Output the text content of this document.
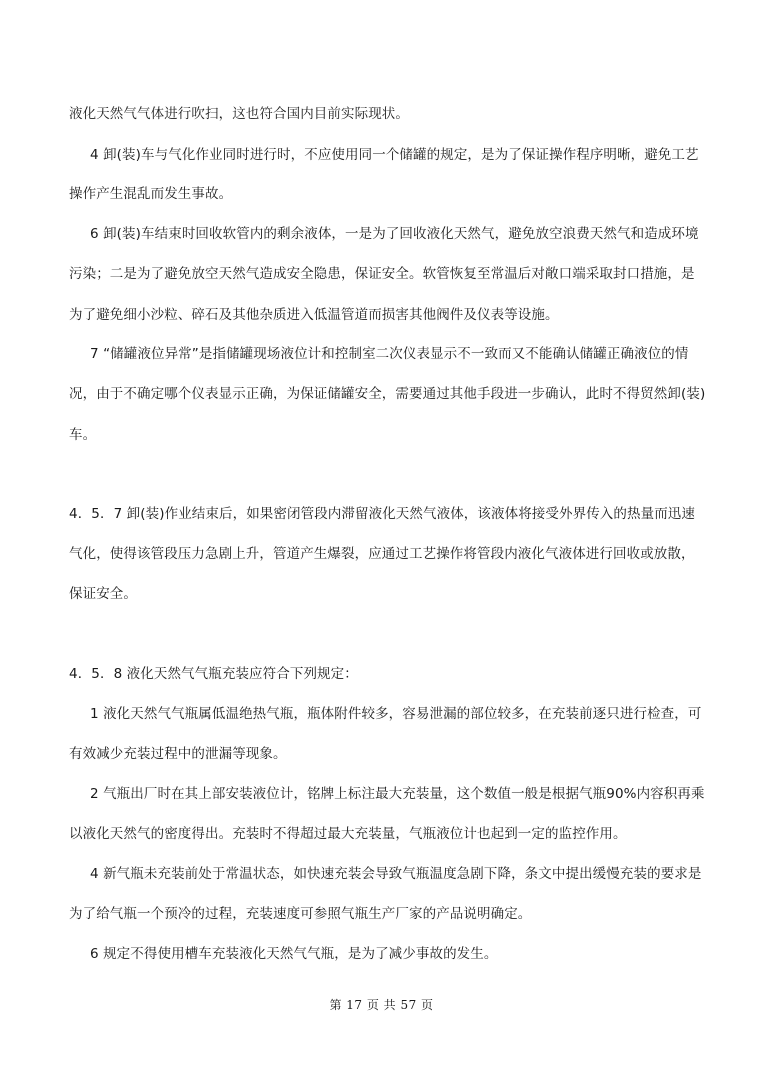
液化天然气气体进行吹扫，这也符合国内目前实际现状。
4 卸(装)车与气化作业同时进行时，不应使用同一个储罐的规定，是为了保证操作程序明晰，避免工艺
操作产生混乱而发生事故。
6 卸(装)车结束时回收软管内的剩余液体，一是为了回收液化天然气，避免放空浪费天然气和造成环境
污染；二是为了避免放空天然气造成安全隐患，保证安全。软管恢复至常温后对敞口端采取封口措施，是
为了避免细小沙粒、碎石及其他杂质进入低温管道而损害其他阀件及仪表等设施。
7 “储罐液位异常”是指储罐现场液位计和控制室二次仪表显示不一致而又不能确认储罐正确液位的情
况，由于不确定哪个仪表显示正确，为保证储罐安全，需要通过其他手段进一步确认，此时不得贸然卸(装)
车。
4．5．7 卸(装)作业结束后，如果密闭管段内滞留液化天然气液体，该液体将接受外界传入的热量而迅速
气化，使得该管段压力急剧上升，管道产生爆裂，应通过工艺操作将管段内液化气液体进行回收或放散，
保证安全。
4．5．8 液化天然气气瓶充装应符合下列规定：
1 液化天然气气瓶属低温绝热气瓶，瓶体附件较多，容易泄漏的部位较多，在充装前逐只进行检查，可
有效减少充装过程中的泄漏等现象。
2 气瓶出厂时在其上部安装液位计，铭牌上标注最大充装量，这个数值一般是根据气瓶90%内容积再乘
以液化天然气的密度得出。充装时不得超过最大充装量，气瓶液位计也起到一定的监控作用。
4 新气瓶未充装前处于常温状态，如快速充装会导致气瓶温度急剧下降，条文中提出缓慢充装的要求是
为了给气瓶一个预冷的过程，充装速度可参照气瓶生产厂家的产品说明确定。
6 规定不得使用槽车充装液化天然气气瓶，是为了减少事故的发生。
第 17 页 共 57 页
